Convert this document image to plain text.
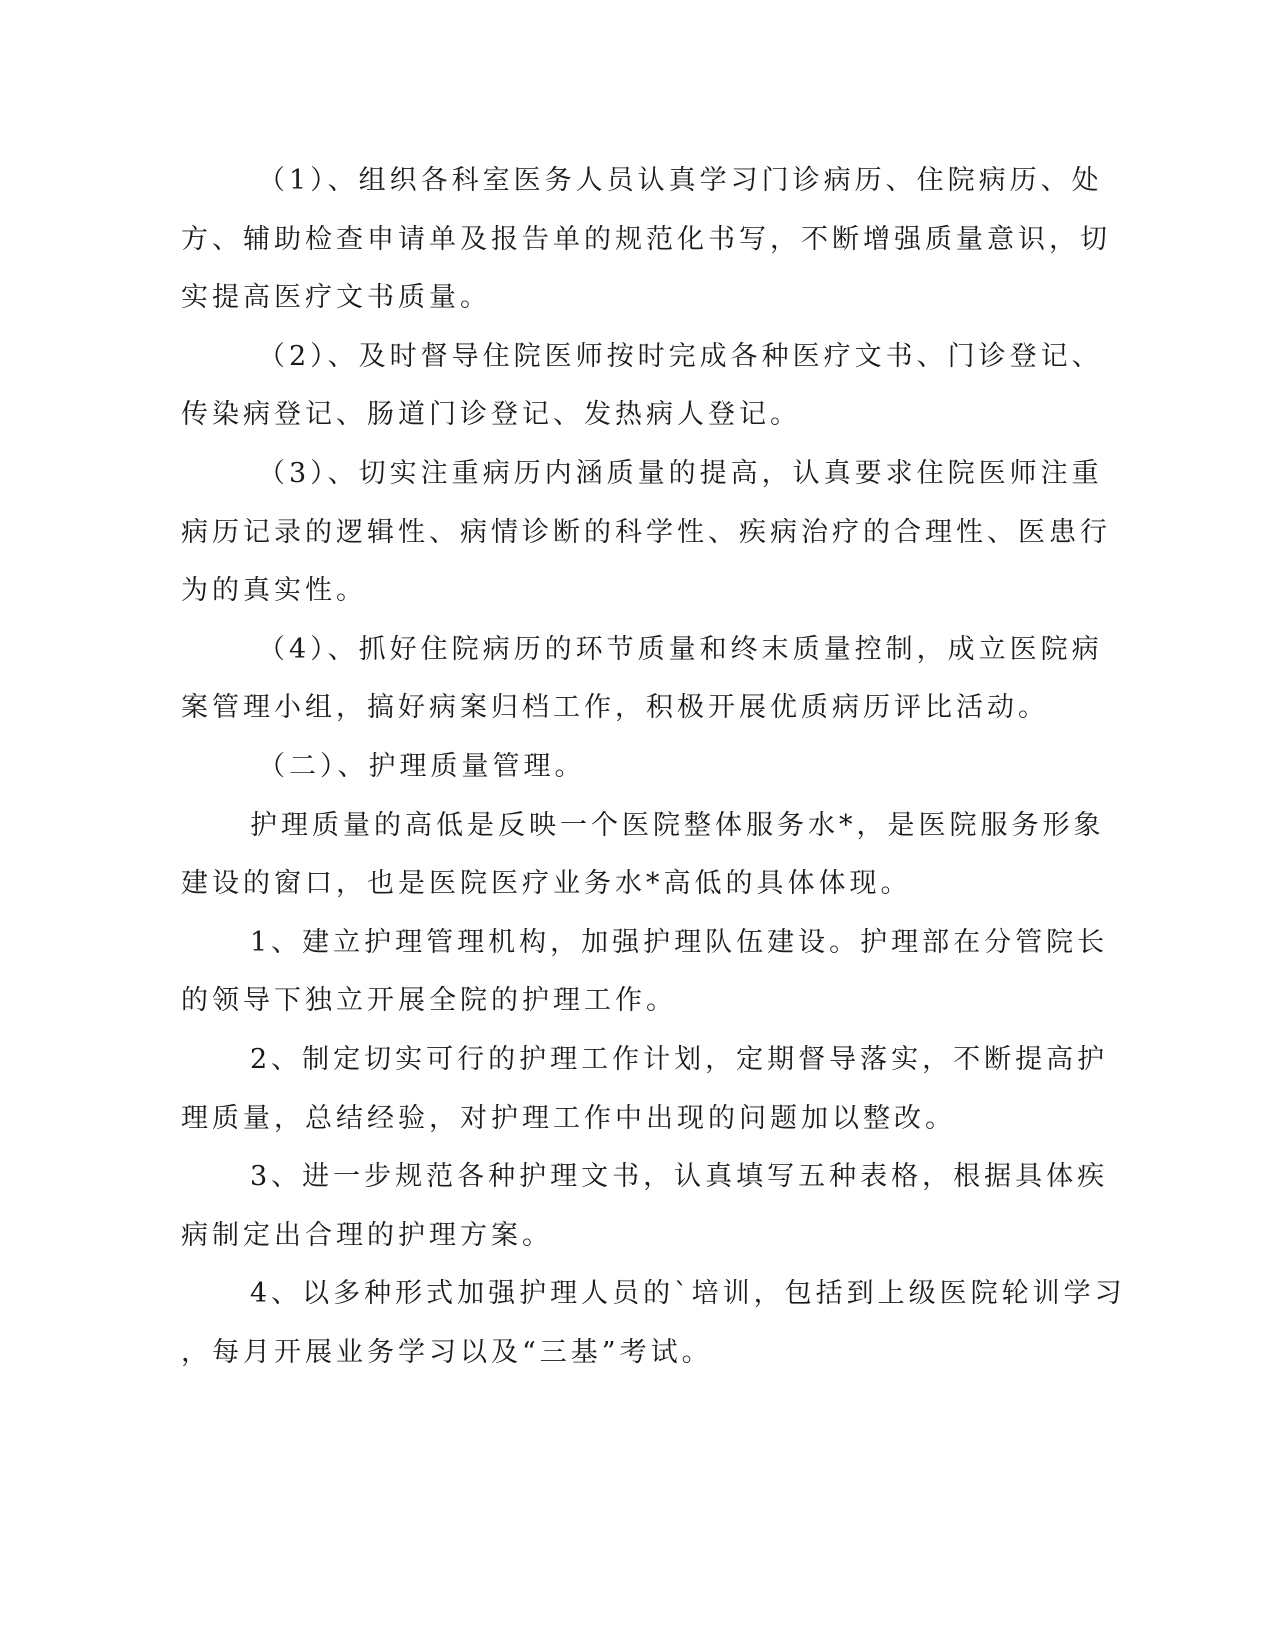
（1）、组织各科室医务人员认真学习门诊病历、住院病历、处

方、辅助检查申请单及报告单的规范化书写，不断增强质量意识，切

实提高医疗文书质量。

（2）、及时督导住院医师按时完成各种医疗文书、门诊登记、

传染病登记、肠道门诊登记、发热病人登记。

（3）、切实注重病历内涵质量的提高，认真要求住院医师注重

病历记录的逻辑性、病情诊断的科学性、疾病治疗的合理性、医患行

为的真实性。

（4）、抓好住院病历的环节质量和终末质量控制，成立医院病

案管理小组，搞好病案归档工作，积极开展优质病历评比活动。

（二）、护理质量管理。

护理质量的高低是反映一个医院整体服务水*，是医院服务形象

建设的窗口，也是医院医疗业务水*高低的具体体现。

1、建立护理管理机构，加强护理队伍建设。护理部在分管院长

的领导下独立开展全院的护理工作。

2、制定切实可行的护理工作计划，定期督导落实，不断提高护

理质量，总结经验，对护理工作中出现的问题加以整改。

3、进一步规范各种护理文书，认真填写五种表格，根据具体疾

病制定出合理的护理方案。

4、以多种形式加强护理人员的`培训，包括到上级医院轮训学习

，每月开展业务学习以及“三基”考试。
